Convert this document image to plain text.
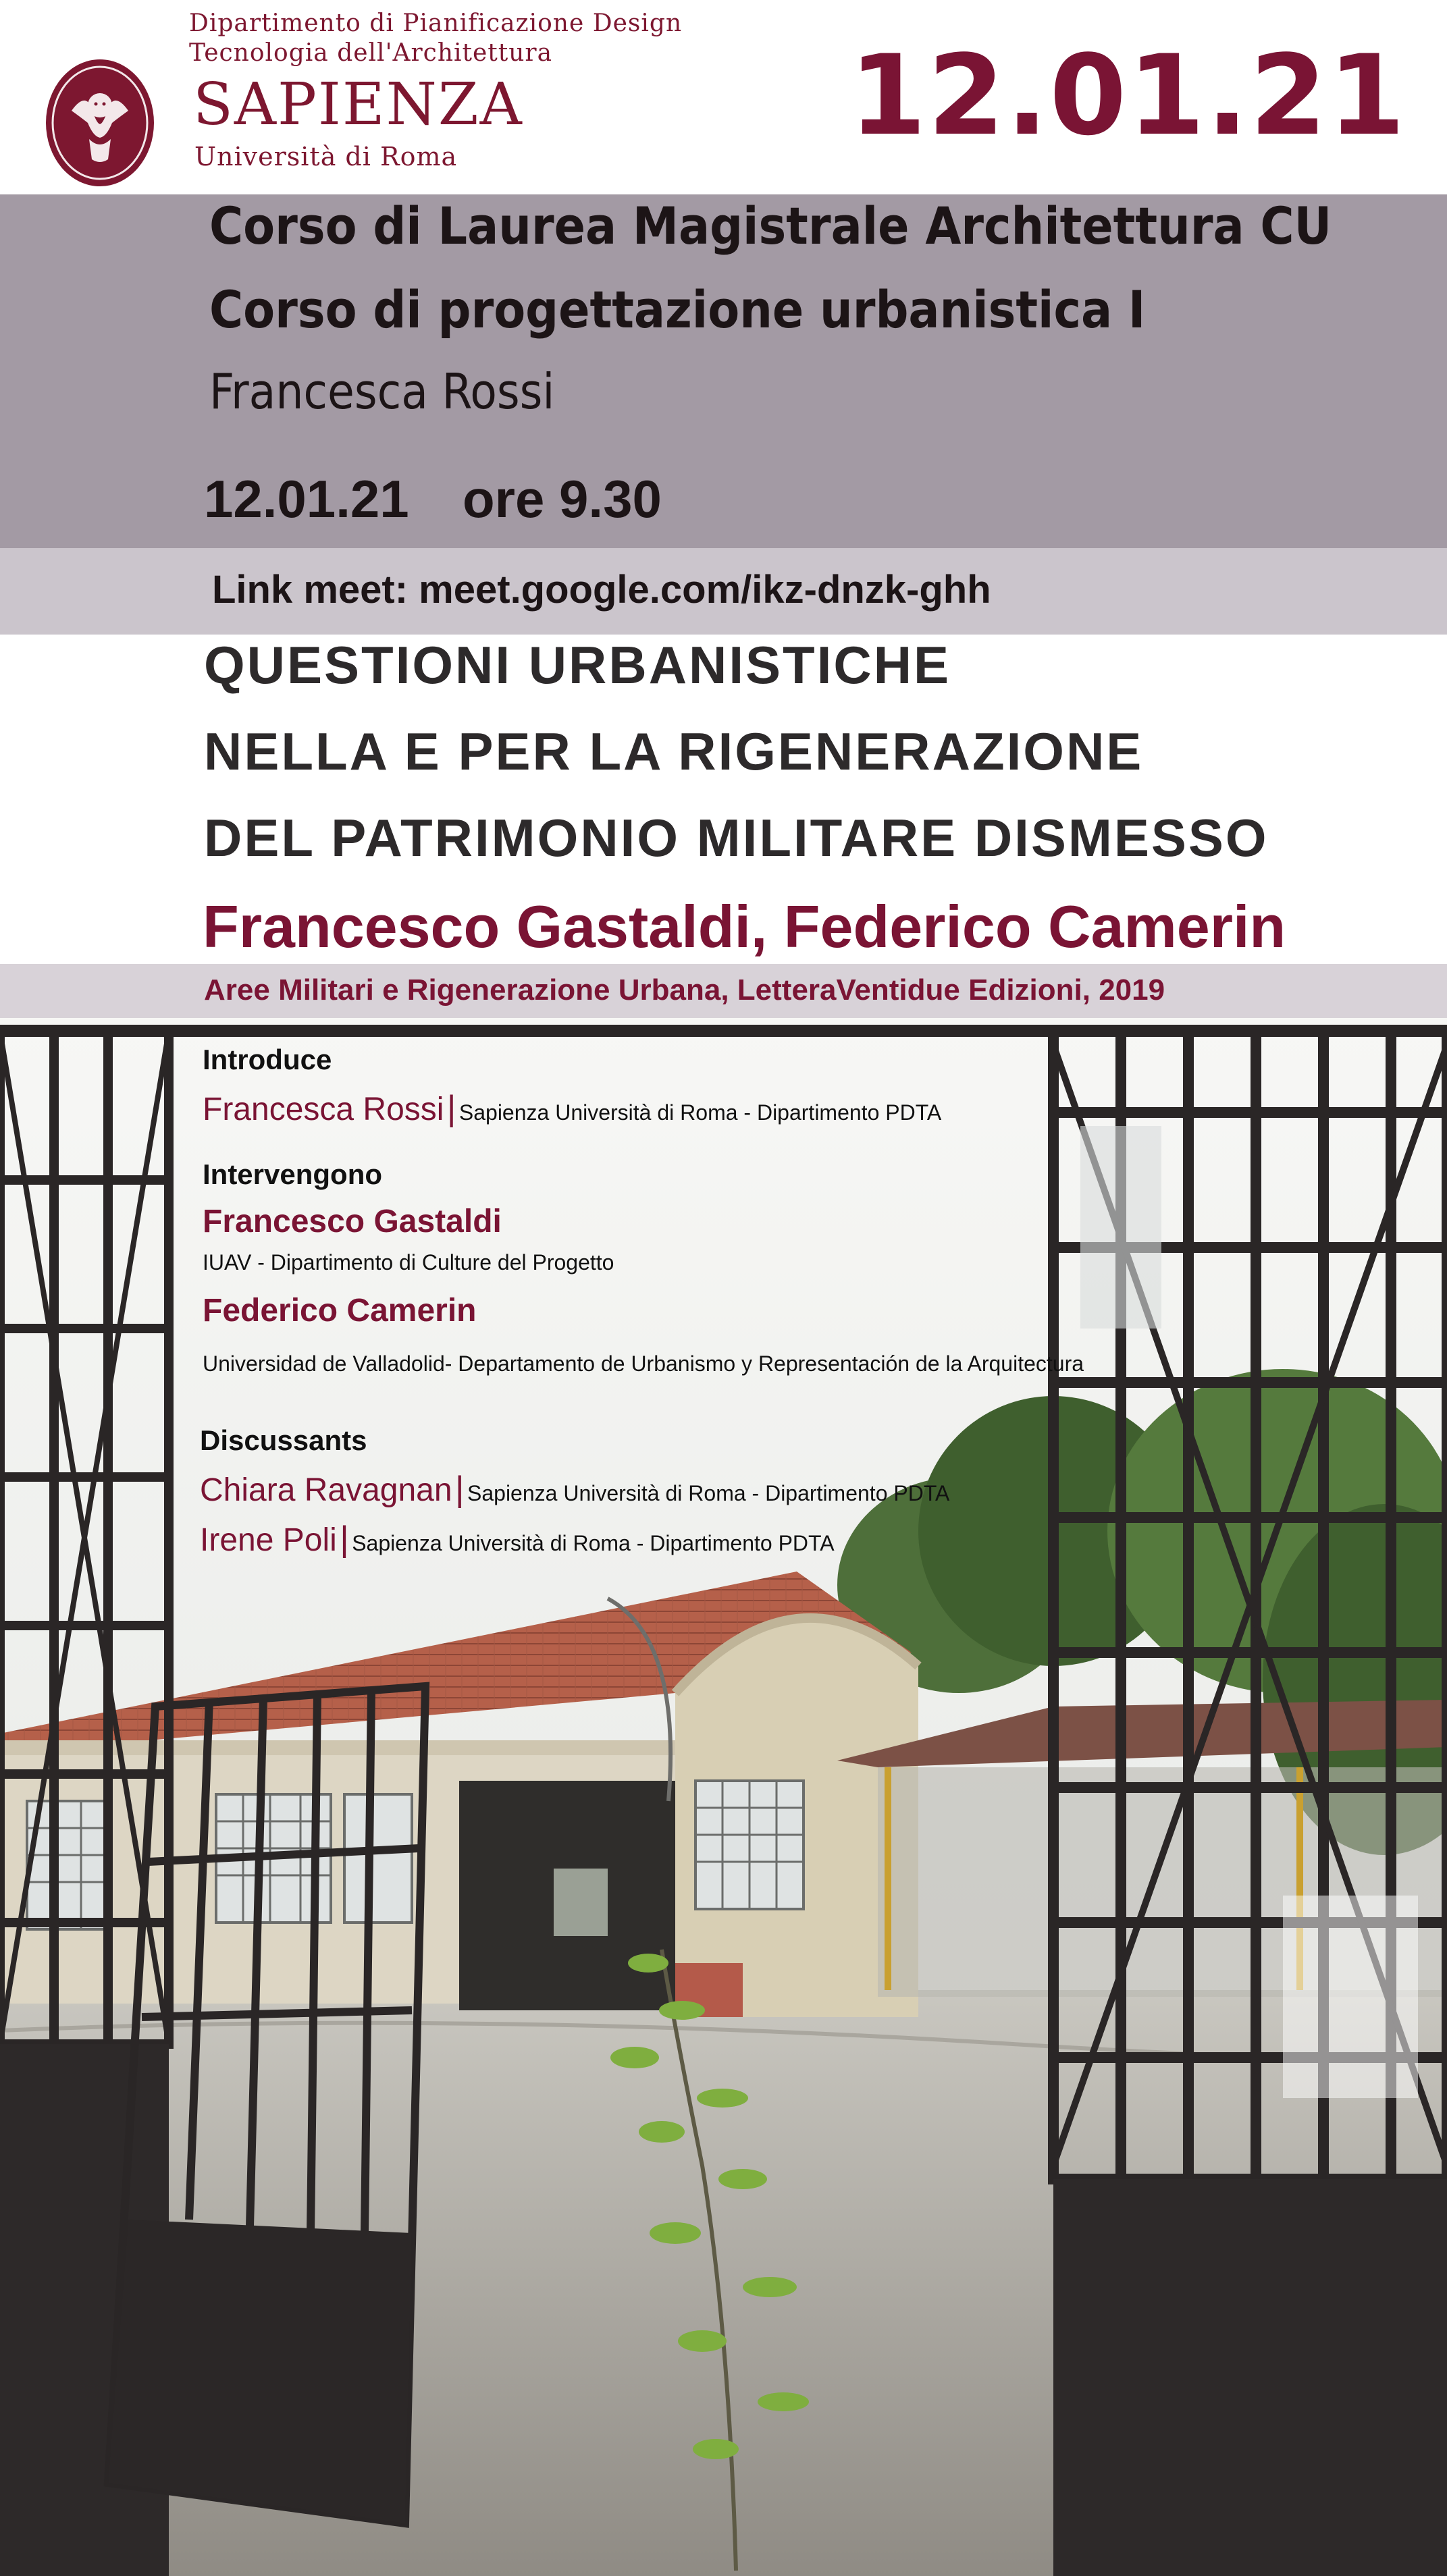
Dipartimento di Pianificazione Design
Tecnologia dell'Architettura
SAPIENZA
Università di Roma	12.01.21
Corso di Laurea Magistrale Architettura CU
Corso di progettazione urbanistica I
Francesca Rossi
12.01.21 ore 9.30
Link meet: meet.google.com/ikz-dnzk-ghh
QUESTIONI URBANISTICHE
NELLA E PER LA RIGENERAZIONE
DEL PATRIMONIO MILITARE DISMESSO
Francesco Gastaldi, Federico Camerin
Aree Militari e Rigenerazione Urbana, LetteraVentidue Edizioni, 2019
Introduce
Francesca Rossi | Sapienza Università di Roma - Dipartimento PDTA
Intervengono
Francesco Gastaldi
IUAV - Dipartimento di Culture del Progetto
Federico Camerin
Universidad de Valladolid- Departamento de Urbanismo y Representación de la Arquitectura
Discussants
Chiara Ravagnan | Sapienza Università di Roma - Dipartimento PDTA
Irene Poli | Sapienza Università di Roma - Dipartimento PDTA
